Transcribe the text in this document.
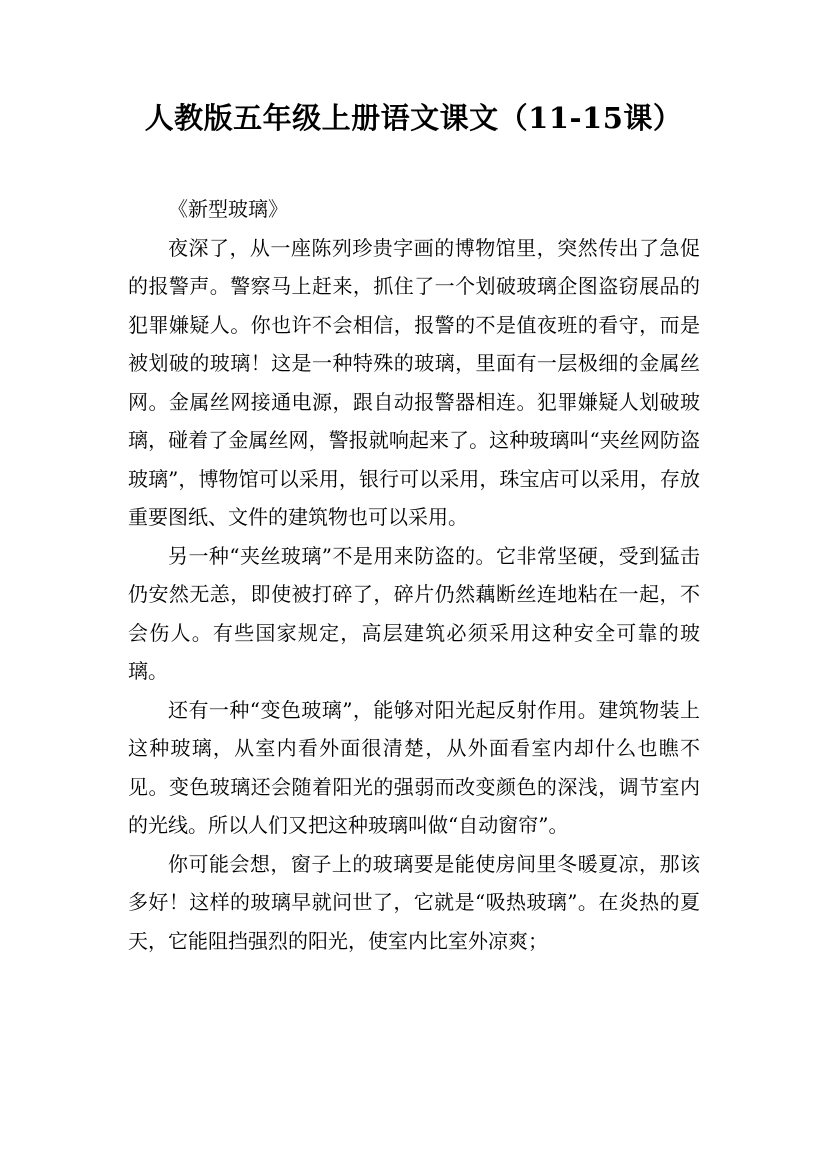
人教版五年级上册语文课文（11-15课）

《新型玻璃》

夜深了，从一座陈列珍贵字画的博物馆里，突然传出了急促的报警声。警察马上赶来，抓住了一个划破玻璃企图盗窃展品的犯罪嫌疑人。你也许不会相信，报警的不是值夜班的看守，而是被划破的玻璃！这是一种特殊的玻璃，里面有一层极细的金属丝网。金属丝网接通电源，跟自动报警器相连。犯罪嫌疑人划破玻璃，碰着了金属丝网，警报就响起来了。这种玻璃叫“夹丝网防盗玻璃”，博物馆可以采用，银行可以采用，珠宝店可以采用，存放重要图纸、文件的建筑物也可以采用。

另一种“夹丝玻璃”不是用来防盗的。它非常坚硬，受到猛击仍安然无恙，即使被打碎了，碎片仍然藕断丝连地粘在一起，不会伤人。有些国家规定，高层建筑必须采用这种安全可靠的玻璃。

还有一种“变色玻璃”，能够对阳光起反射作用。建筑物装上这种玻璃，从室内看外面很清楚，从外面看室内却什么也瞧不见。变色玻璃还会随着阳光的强弱而改变颜色的深浅，调节室内的光线。所以人们又把这种玻璃叫做“自动窗帘”。

你可能会想，窗子上的玻璃要是能使房间里冬暖夏凉，那该多好！这样的玻璃早就问世了，它就是“吸热玻璃”。在炎热的夏天，它能阻挡强烈的阳光，使室内比室外凉爽；
